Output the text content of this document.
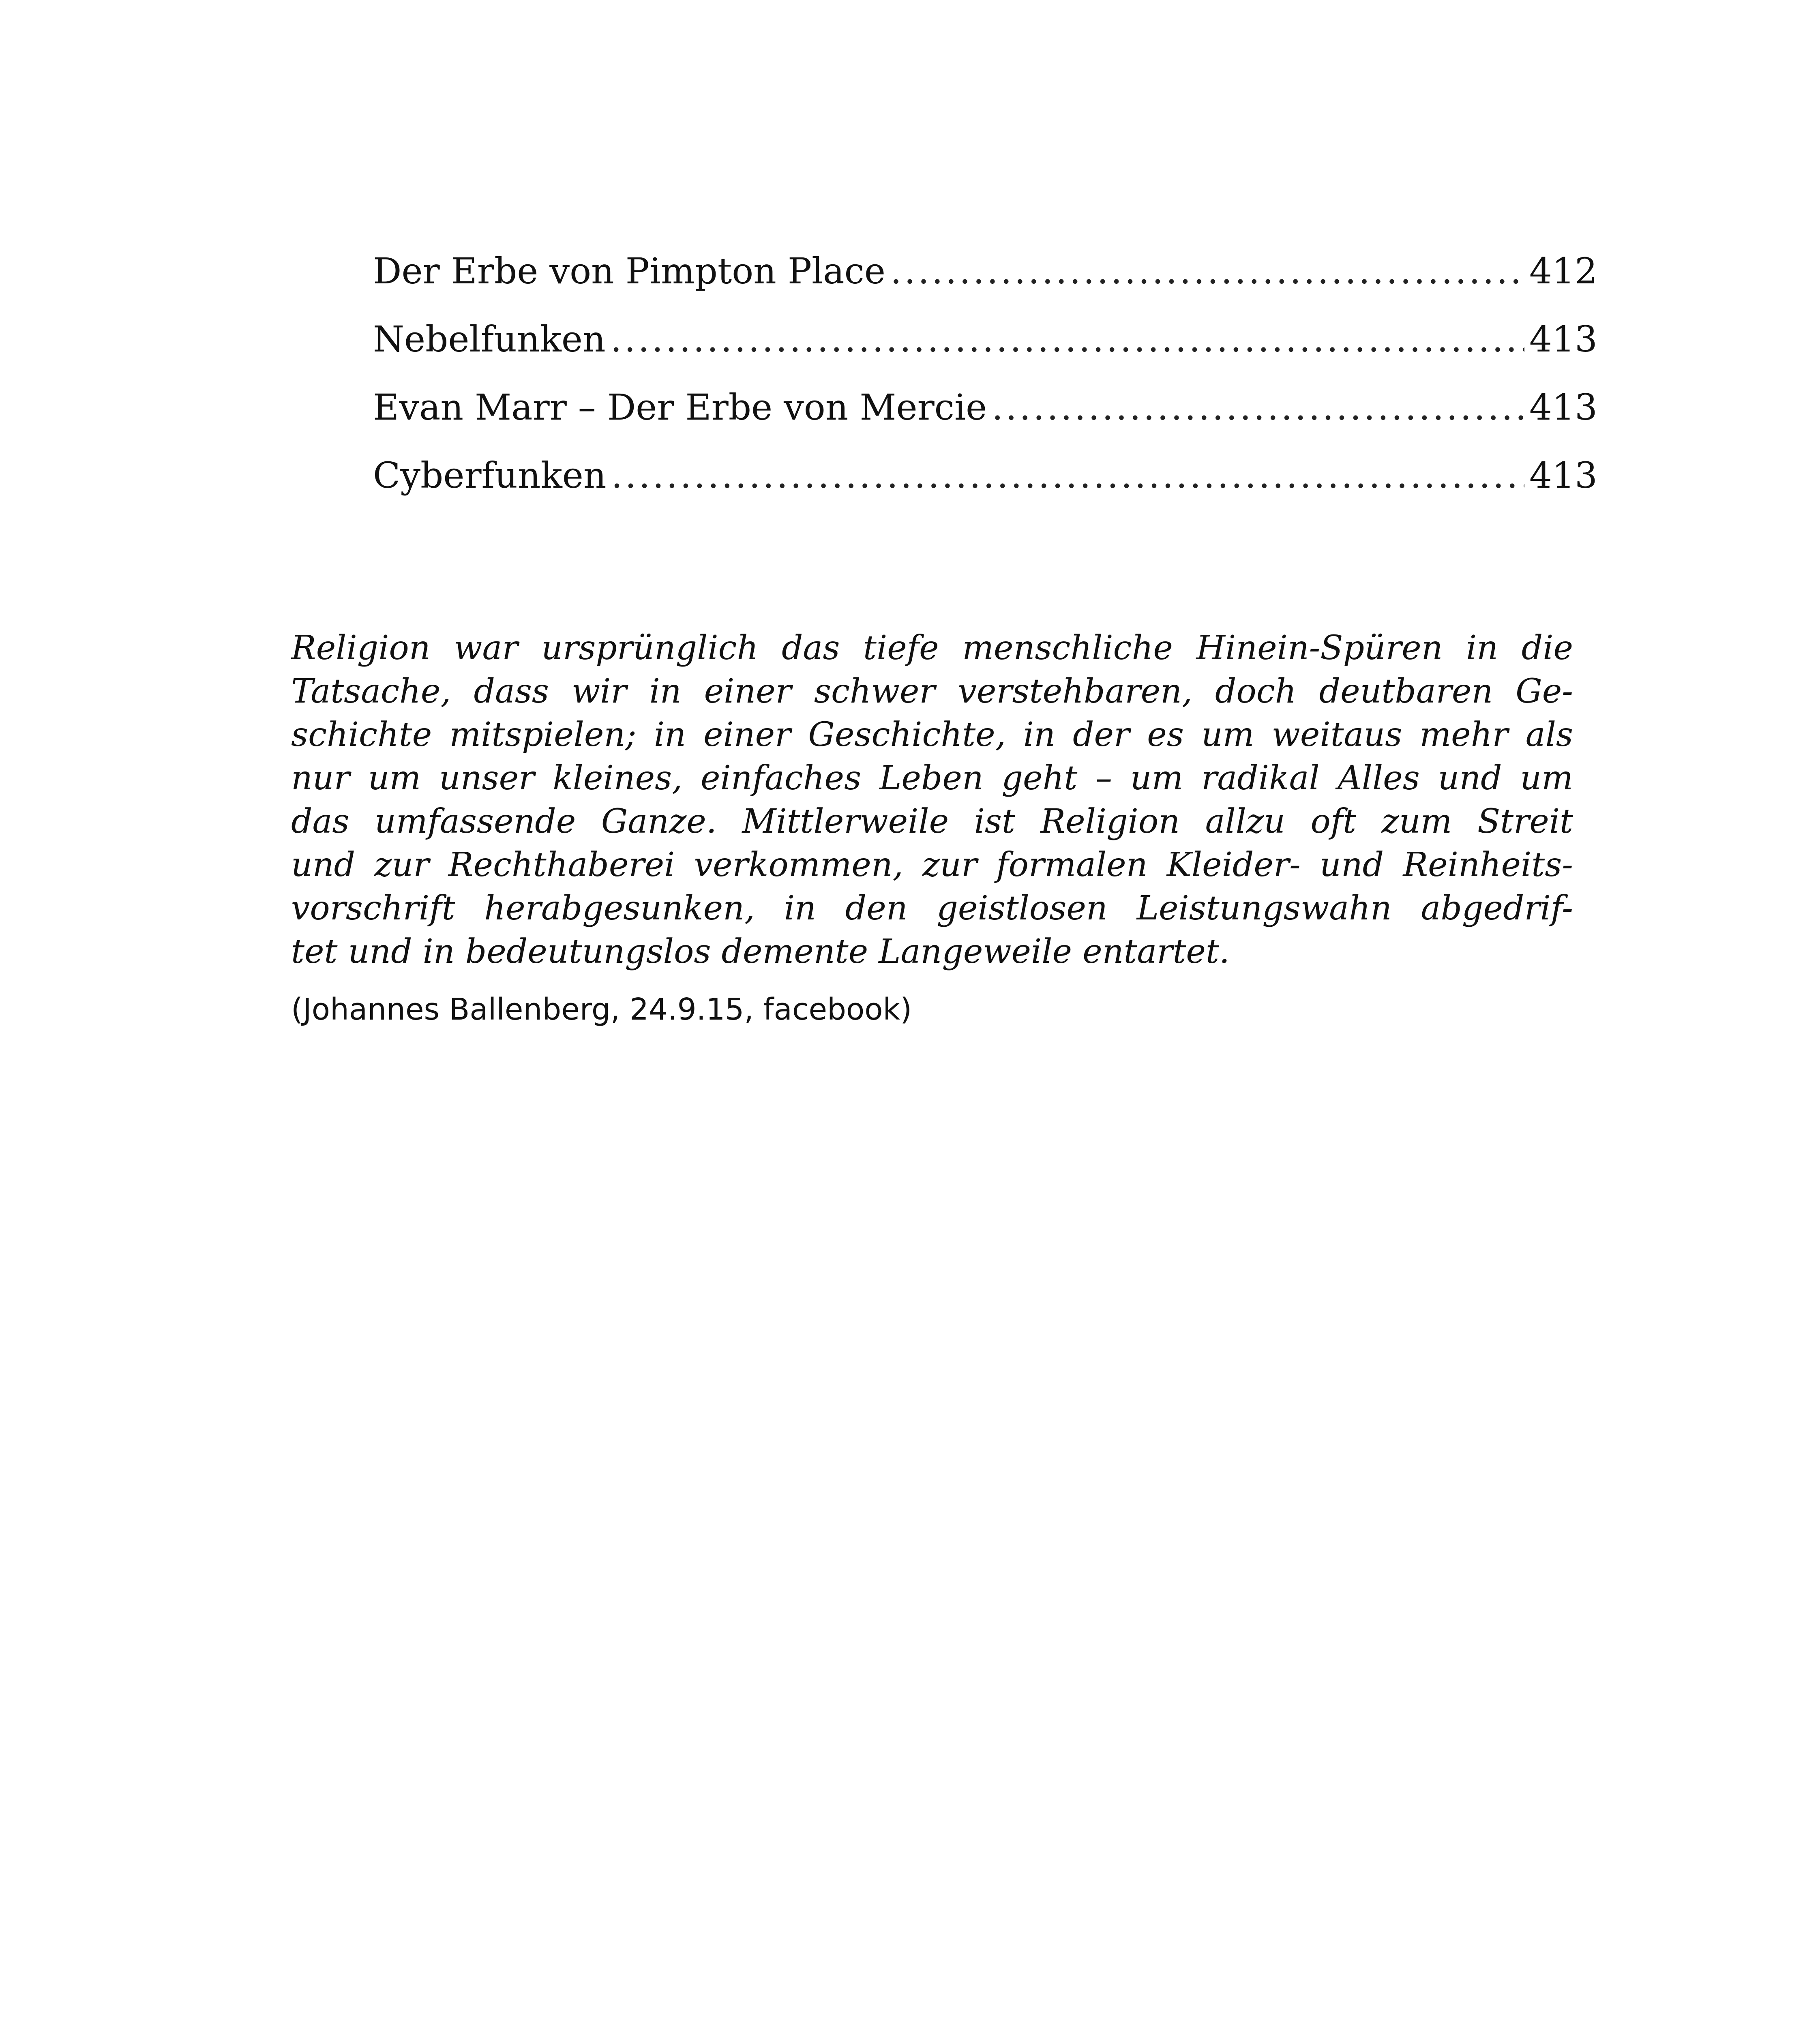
Der Erbe von Pimpton Place .....	412
Nebelfunken .....	413
Evan Marr – Der Erbe von Mercie .....	413
Cyberfunken .....	413
Religion war ursprünglich das tiefe menschliche Hinein-Spüren in die
Tatsache, dass wir in einer schwer verstehbaren, doch deutbaren Ge-
schichte mitspielen; in einer Geschichte, in der es um weitaus mehr als
nur um unser kleines, einfaches Leben geht – um radikal Alles und um
das umfassende Ganze. Mittlerweile ist Religion allzu oft zum Streit
und zur Rechthaberei verkommen, zur formalen Kleider- und Reinheits-
vorschrift herabgesunken, in den geistlosen Leistungswahn abgedrif-
tet und in bedeutungslos demente Langeweile entartet.
(Johannes Ballenberg, 24.9.15, facebook)
